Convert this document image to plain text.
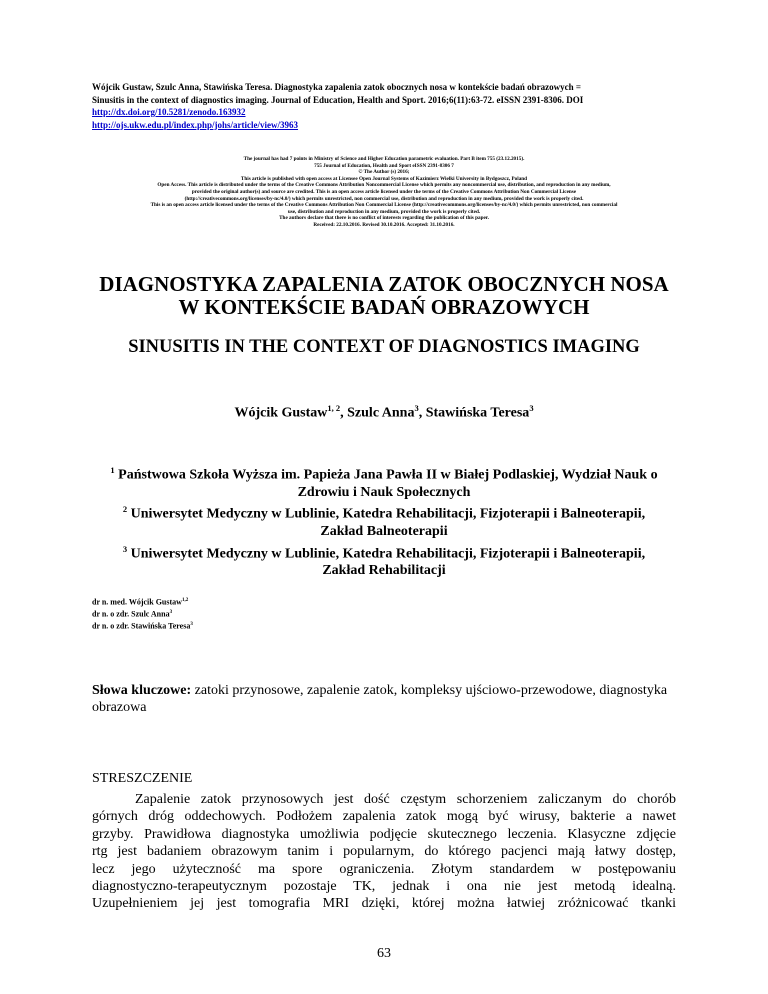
Wójcik Gustaw, Szulc Anna, Stawińska Teresa. Diagnostyka zapalenia zatok obocznych nosa w kontekście badań obrazowych =
Sinusitis in the context of diagnostics imaging. Journal of Education, Health and Sport. 2016;6(11):63-72. eISSN 2391-8306. DOI
http://dx.doi.org/10.5281/zenodo.163932
http://ojs.ukw.edu.pl/index.php/johs/article/view/3963
The journal has had 7 points in Ministry of Science and Higher Education parametric evaluation. Part B item 755 (23.12.2015).
755 Journal of Education, Health and Sport eISSN 2391-8306 7
© The Author (s) 2016;
This article is published with open access at Licensee Open Journal Systems of Kazimierz Wielki University in Bydgoszcz, Poland
Open Access. This article is distributed under the terms of the Creative Commons Attribution Noncommercial License which permits any noncommercial use, distribution, and reproduction in any medium,
provided the original author(s) and source are credited. This is an open access article licensed under the terms of the Creative Commons Attribution Non Commercial License
(http://creativecommons.org/licenses/by-nc/4.0/) which permits unrestricted, non commercial use, distribution and reproduction in any medium, provided the work is properly cited.
This is an open access article licensed under the terms of the Creative Commons Attribution Non Commercial License (http://creativecommons.org/licenses/by-nc/4.0/) which permits unrestricted, non commercial
use, distribution and reproduction in any medium, provided the work is properly cited.
The authors declare that there is no conflict of interests regarding the publication of this paper.
Received: 22.10.2016. Revised 30.10.2016. Accepted: 31.10.2016.
DIAGNOSTYKA ZAPALENIA ZATOK OBOCZNYCH NOSA
W KONTEKŚCIE BADAŃ OBRAZOWYCH
SINUSITIS IN THE CONTEXT OF DIAGNOSTICS IMAGING
Wójcik Gustaw$^{1, 2}$, Szulc Anna$^3$, Stawińska Teresa$^3$
$^1$ Państwowa Szkoła Wyższa im. Papieża Jana Pawła II w Białej Podlaskiej, Wydział Nauk o Zdrowiu i Nauk Społecznych
$^2$ Uniwersytet Medyczny w Lublinie, Katedra Rehabilitacji, Fizjoterapii i Balneoterapii, Zakład Balneoterapii
$^3$ Uniwersytet Medyczny w Lublinie, Katedra Rehabilitacji, Fizjoterapii i Balneoterapii, Zakład Rehabilitacji
dr n. med. Wójcik Gustaw$^{1,2}$
dr n. o zdr. Szulc Anna$^3$
dr n. o zdr. Stawińska Teresa$^3$
Słowa kluczowe: zatoki przynosowe, zapalenie zatok, kompleksy ujściowo-przewodowe, diagnostyka obrazowa
STRESZCZENIE
Zapalenie zatok przynosowych jest dość częstym schorzeniem zaliczanym do chorób
górnych dróg oddechowych. Podłożem zapalenia zatok mogą być wirusy, bakterie a nawet
grzyby. Prawidłowa diagnostyka umożliwia podjęcie skutecznego leczenia. Klasyczne zdjęcie
rtg jest badaniem obrazowym tanim i popularnym, do którego pacjenci mają łatwy dostęp,
lecz jego użyteczność ma spore ograniczenia. Złotym standardem w postępowaniu
diagnostyczno-terapeutycznym pozostaje TK, jednak i ona nie jest metodą idealną.
Uzupełnieniem jej jest tomografia MRI dzięki, której można łatwiej zróżnicować tkanki
63
